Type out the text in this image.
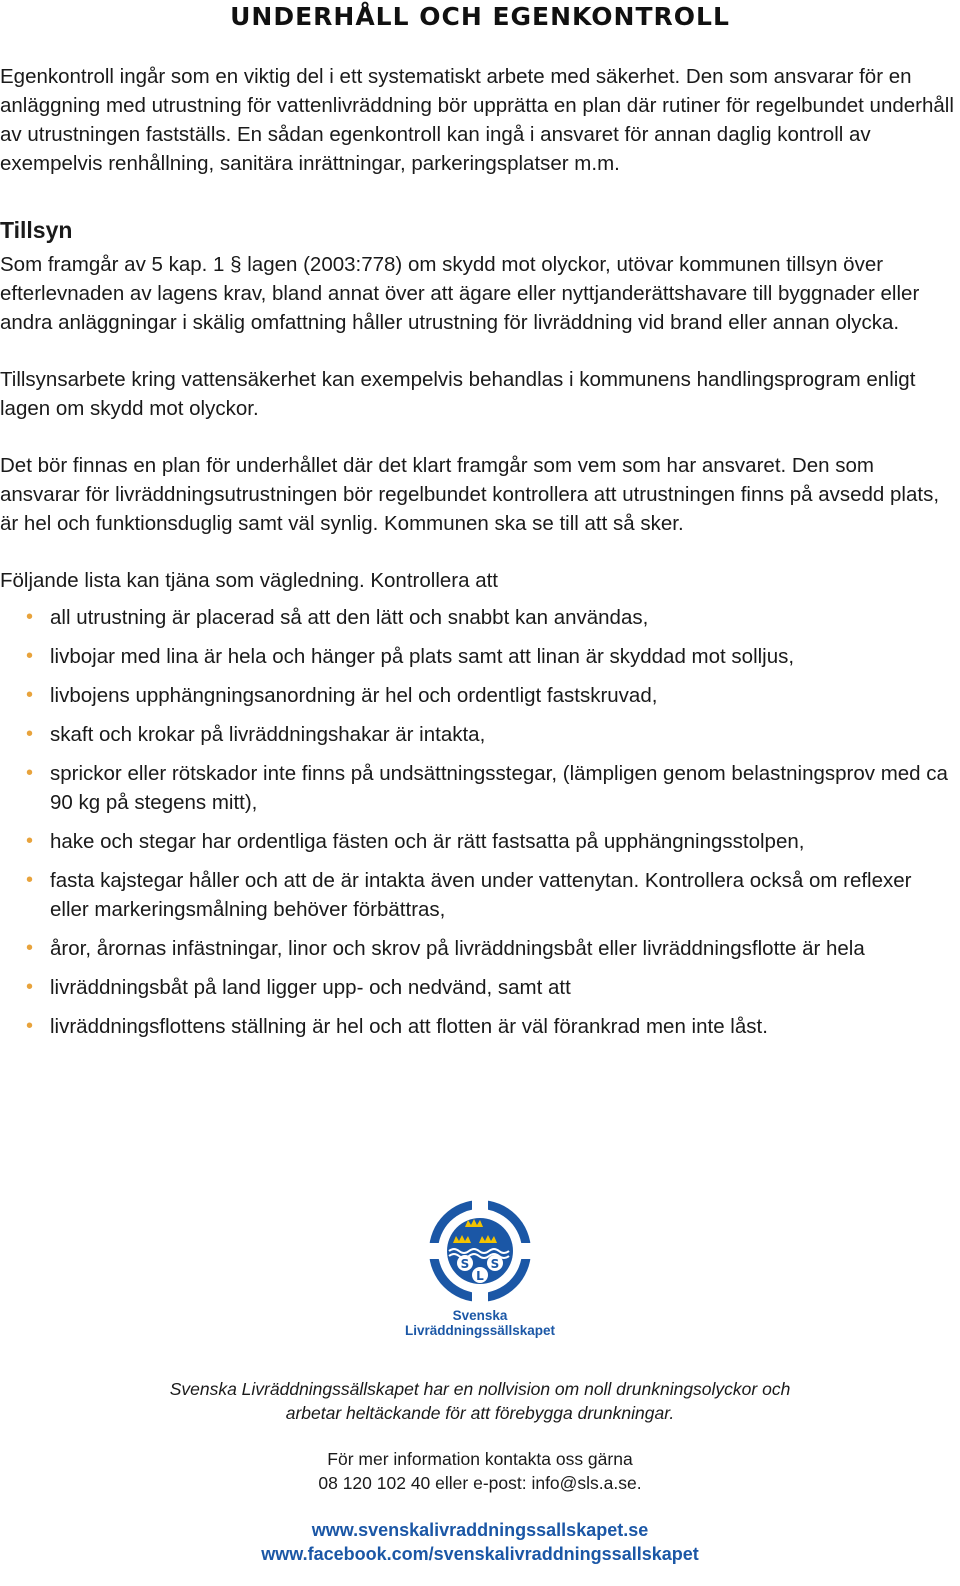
UNDERHÅLL OCH EGENKONTROLL

Egenkontroll ingår som en viktig del i ett systematiskt arbete med säkerhet. Den som ansvarar för en anläggning med utrustning för vattenlivräddning bör upprätta en plan där rutiner för regelbundet underhåll av utrustningen fastställs. En sådan egenkontroll kan ingå i ansvaret för annan daglig kontroll av exempelvis renhållning, sanitära inrättningar, parkeringsplatser m.m.

Tillsyn

Som framgår av 5 kap. 1 § lagen (2003:778) om skydd mot olyckor, utövar kommunen tillsyn över efterlevnaden av lagens krav, bland annat över att ägare eller nyttjanderättshavare till byggnader eller andra anläggningar i skälig omfattning håller utrustning för livräddning vid brand eller annan olycka.

Tillsynsarbete kring vattensäkerhet kan exempelvis behandlas i kommunens handlingsprogram enligt lagen om skydd mot olyckor.

Det bör finnas en plan för underhållet där det klart framgår som vem som har ansvaret. Den som ansvarar för livräddningsutrustningen bör regelbundet kontrollera att utrustningen finns på avsedd plats, är hel och funktionsduglig samt väl synlig. Kommunen ska se till att så sker.

Följande lista kan tjäna som vägledning. Kontrollera att

• all utrustning är placerad så att den lätt och snabbt kan användas,
• livbojar med lina är hela och hänger på plats samt att linan är skyddad mot solljus,
• livbojens upphängningsanordning är hel och ordentligt fastskruvad,
• skaft och krokar på livräddningshakar är intakta,
• sprickor eller rötskador inte finns på undsättningsstegar, (lämpligen genom belastningsprov med ca 90 kg på stegens mitt),
• hake och stegar har ordentliga fästen och är rätt fastsatta på upphängningsstolpen,
• fasta kajstegar håller och att de är intakta även under vattenytan. Kontrollera också om reflexer eller markeringsmålning behöver förbättras,
• åror, årornas infästningar, linor och skrov på livräddningsbåt eller livräddningsflotte är hela
• livräddningsbåt på land ligger upp- och nedvänd, samt att
• livräddningsflottens ställning är hel och att flotten är väl förankrad men inte låst.
S S
L
Svenska
Livräddningssällskapet
Svenska Livräddningssällskapet har en nollvision om noll drunkningsolyckor och
arbetar heltäckande för att förebygga drunkningar.
För mer information kontakta oss gärna
08 120 102 40 eller e-post: info@sls.a.se.
www.svenskalivraddningssallskapet.se
www.facebook.com/svenskalivraddningssallskapet
